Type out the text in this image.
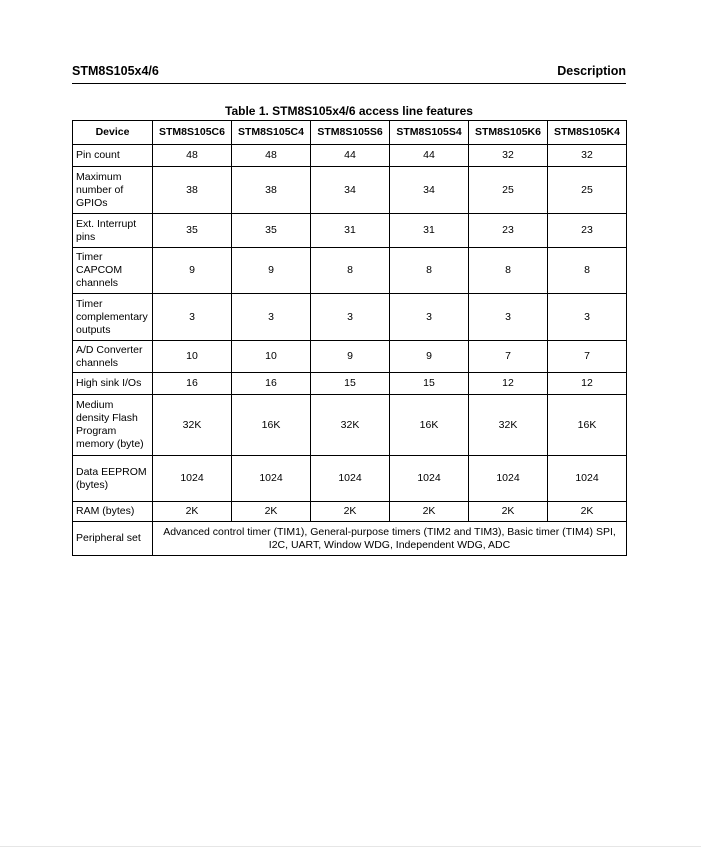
STM8S105x4/6	Description
Table 1. STM8S105x4/6 access line features
Device	STM8S105C6	STM8S105C4	STM8S105S6	STM8S105S4	STM8S105K6	STM8S105K4
Pin count	48	48	44	44	32	32
Maximum number of GPIOs	38	38	34	34	25	25
Ext. Interrupt pins	35	35	31	31	23	23
Timer CAPCOM channels	9	9	8	8	8	8
Timer complementary outputs	3	3	3	3	3	3
A/D Converter channels	10	10	9	9	7	7
High sink I/Os	16	16	15	15	12	12
Medium density Flash Program memory (byte)	32K	16K	32K	16K	32K	16K
Data EEPROM (bytes)	1024	1024	1024	1024	1024	1024
RAM (bytes)	2K	2K	2K	2K	2K	2K
Peripheral set	Advanced control timer (TIM1), General-purpose timers (TIM2 and TIM3), Basic timer (TIM4) SPI, I2C, UART, Window WDG, Independent WDG, ADC					
